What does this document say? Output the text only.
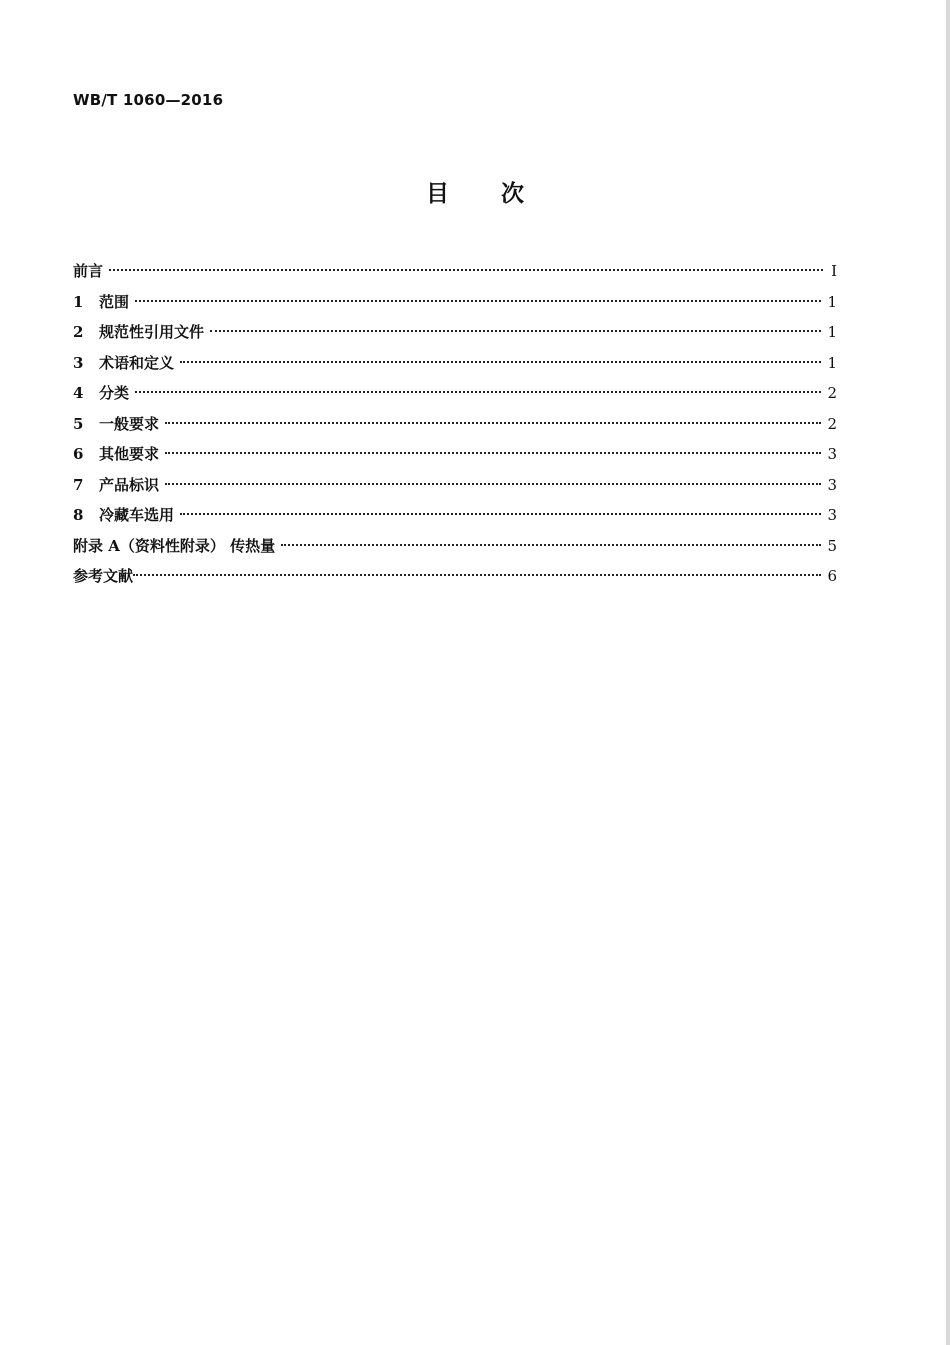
WB/T 1060—2016
目次
前言	Ⅰ
1	范围	1
2	规范性引用文件	1
3	术语和定义	1
4	分类	2
5	一般要求	2
6	其他要求	3
7	产品标识	3
8	冷藏车选用	3
附录 A（资料性附录） 传热量	5
参考文献	6
